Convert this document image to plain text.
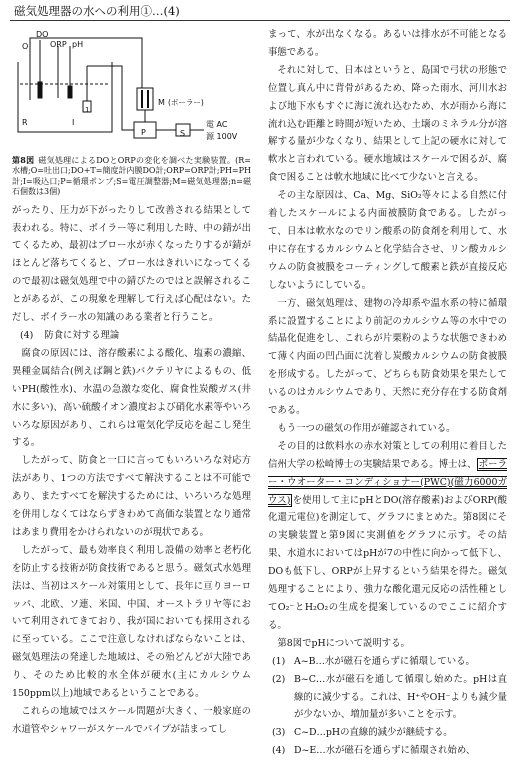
磁気処理器の水への利用①…(4)
DO
O	ORP pH
R	I
1
M (ボーラー)
P	S
電 AC
源 100V
第8図 磁気処理によるDOとORPの変化を調べた実験装置。(R=水槽;O=吐出口;DO+T=簡度計内膜DO計;ORP=ORP計;PH=PH計;I=吸込口;P=循環ポンプ;S=電圧調整器;M=磁気処理器;n=磁石個数は3個)

がったり、圧力が下がったりして改善される結果として表われる。特に、ボイラー等に利用した時、中の錆が出てくるため、最初はブロー水が赤くなったりするが錆がほとんど落ちてくると、ブロー水はきれいになってくるので最初は磁気処理で中の錆びたのではと誤解されることがあるが、この現象を理解して行えば心配はない。ただし、ボイラー水の知識のある業者と行うこと。

(4) 防食に対する理論

腐食の原因には、溶存酸素による酸化、塩素の濃縮、異種金属結合(例えば鋼と鉄)バクテリヤによるもの、低いPH(酸性水)、水温の急激な変化、腐食性炭酸ガス(井水に多い)、高い硫酸イオン濃度および硝化水素等やいろいろな原因があり、これらは電気化学反応を起こし発生する。

したがって、防食と一口に言ってもいろいろな対応方法があり、1つの方法ですべて解決することは不可能であり、またすべてを解決するためには、いろいろな処理を併用しなくてはならずきわめて高価な装置となり通常はあまり費用をかけられないのが現状である。

したがって、最も効率良く利用し設備の効率と老朽化を防止する技術が防食技術であると思う。磁気式水処理法は、当初はスケール対策用として、長年に亘りヨーロッパ、北欧、ソ連、米国、中国、オーストラリヤ等において利用されてきており、我が国においても採用されるに至っている。ここで注意しなければならないことは、磁気処理法の発達した地域は、その殆どんどが大陸であり、そのため比較的水全体が硬水(主にカルシウム150ppm以上)地域であるということである。

これらの地域ではスケール問題が大きく、一般家庭の水道管やシャワーがスケールでパイプが詰まってし

まって、水が出なくなる。あるいは排水が不可能となる事態である。

それに対して、日本はというと、島国で弓状の形態で位置し真ん中に背骨があるため、降った雨水、河川水および地下水もすぐに海に流れ込むため、水が雨から海に流れ込む距離と時間が短いため、土壌のミネラル分が溶解する量が少なくなり、結果として上記の硬水に対して軟水と言われている。硬水地域はスケールで困るが、腐食で困ることは軟水地域に比べて少ないと言える。

その主な原因は、Ca、Mg、SiO₂等々による自然に付着したスケールによる内面被膜防食である。したがって、日本は軟水なのでリン酸系の防食剤を利用して、水中に存在するカルシウムと化学結合させ、リン酸カルシウムの防食被膜をコーティングして酸素と鉄が直接反応しないようにしている。

一方、磁気処理は、建物の冷却系や温水系の特に循環系に設置することにより前記のカルシウム等の水中での結晶化促進をし、これらが片栗粉のような状態できわめて薄く内面の凹凸面に沈着し炭酸カルシウムの防食被膜を形成する。したがって、どちらも防食効果を果たしているのはカルシウムであり、天然に充分存在する防食剤である。

もう一つの磁気の作用が確認されている。

その目的は飲料水の赤水対策としての利用に着目した信州大学の松崎博士の実験結果である。博士は、 ボーラー・ウオーター・コンディショナー(PWC)(磁力6000ガウス) を使用して主にpHとDO(溶存酸素)およびORP(酸化還元電位)を測定して、グラフにまとめた。第8図にその実験装置と第9図に実測値をグラフに示す。その結果、水道水においてはpHが7の中性に向かって低下し、DOも低下し、ORPが上昇するという結果を得た。磁気処理することにより、強力な酸化還元反応の活性種としてO₂⁻とH₂O₂の生成を提案しているのでここに紹介する。

第8図でpHについて説明する。

(1) A~B…水が磁石を通らずに循環している。
(2) B~C…水が磁石を通して循環し始めた。pHは直線的に減少する。これは、H⁺やOH⁻よりも減少量が少ないか、増加量が多いことを示す。
(3) C~D…pHの直線的減少が継続する。
(4) D~E…水が磁石を通らずに循環され始め、
